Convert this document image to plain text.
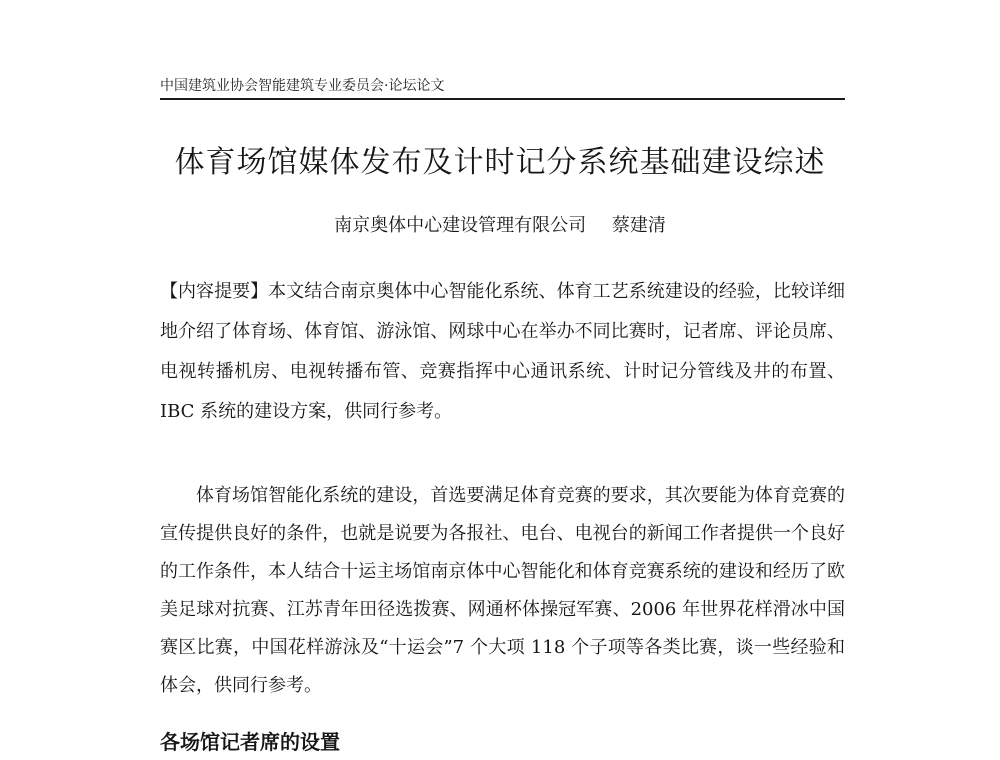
中国建筑业协会智能建筑专业委员会·论坛论文
体育场馆媒体发布及计时记分系统基础建设综述
南京奥体中心建设管理有限公司 蔡建清

【内容提要】本文结合南京奥体中心智能化系统、体育工艺系统建设的经验，比较详细地介绍了体育场、体育馆、游泳馆、网球中心在举办不同比赛时，记者席、评论员席、电视转播机房、电视转播布管、竞赛指挥中心通讯系统、计时记分管线及井的布置、IBC 系统的建设方案，供同行参考。

体育场馆智能化系统的建设，首选要满足体育竞赛的要求，其次要能为体育竞赛的宣传提供良好的条件，也就是说要为各报社、电台、电视台的新闻工作者提供一个良好的工作条件，本人结合十运主场馆南京体中心智能化和体育竞赛系统的建设和经历了欧美足球对抗赛、江苏青年田径选拨赛、网通杯体操冠军赛、2006 年世界花样滑冰中国赛区比赛，中国花样游泳及“十运会”7 个大项 118 个子项等各类比赛，谈一些经验和体会，供同行参考。

各场馆记者席的设置
